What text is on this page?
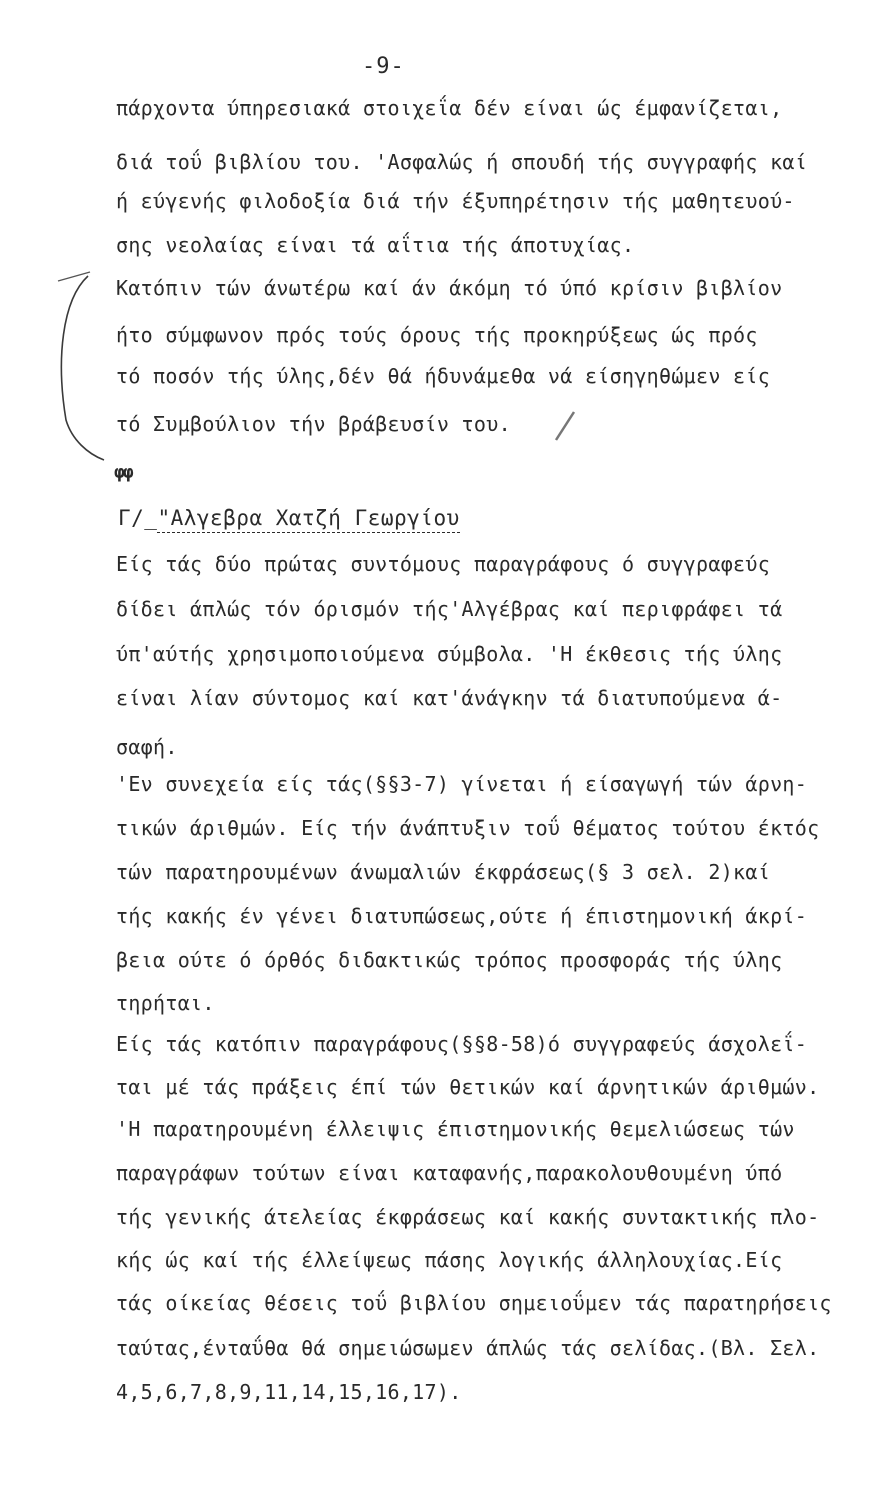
-9-
πάρχοντα ύπηρεσιακά στοιχεΐα δέν είναι ώς έμφανίζεται,
διά τοΰ βιβλίου του. 'Ασφαλώς ή σπουδή τής συγγραφής καί
ή εύγενής φιλοδοξία διά τήν έξυπηρέτησιν τής μαθητευού-
σης νεολαίας είναι τά αΐτια τής άποτυχίας.
Κατόπιν τών άνωτέρω καί άν άκόμη τό ύπό κρίσιν βιβλίον
ήτο σύμφωνον πρός τούς όρους τής προκηρύξεως ώς πρός
τό ποσόν τής ύλης,δέν θά ήδυνάμεθα νά είσηγηθώμεν είς
τό Συμβούλιον τήν βράβευσίν του.
φφ
Γ/_"Αλγεβρα Χατζή Γεωργίου
Είς τάς δύο πρώτας συντόμους παραγράφους ό συγγραφεύς
δίδει άπλώς τόν όρισμόν τής'Αλγέβρας καί περιφράφει τά
ύπ'αύτής χρησιμοποιούμενα σύμβολα. 'Η έκθεσις τής ύλης
είναι λίαν σύντομος καί κατ'άνάγκην τά διατυπούμενα ά-
σαφή.
'Εν συνεχεία είς τάς(§§3-7) γίνεται ή είσαγωγή τών άρνη-
τικών άριθμών. Είς τήν άνάπτυξιν τοΰ θέματος τούτου έκτός
τών παρατηρουμένων άνωμαλιών έκφράσεως(§ 3 σελ. 2)καί
τής κακής έν γένει διατυπώσεως,ούτε ή έπιστημονική άκρί-
βεια ούτε ό όρθός διδακτικώς τρόπος προσφοράς τής ύλης
τηρήται.
Είς τάς κατόπιν παραγράφους(§§8-58)ό συγγραφεύς άσχολεΐ-
ται μέ τάς πράξεις έπί τών θετικών καί άρνητικών άριθμών.
'Η παρατηρουμένη έλλειψις έπιστημονικής θεμελιώσεως τών
παραγράφων τούτων είναι καταφανής,παρακολουθουμένη ύπό
τής γενικής άτελείας έκφράσεως καί κακής συντακτικής πλο-
κής ώς καί τής έλλείψεως πάσης λογικής άλληλουχίας.Είς
τάς οίκείας θέσεις τοΰ βιβλίου σημειοΰμεν τάς παρατηρήσεις
ταύτας,ένταΰθα θά σημειώσωμεν άπλώς τάς σελίδας.(Βλ. Σελ.
4,5,6,7,8,9,11,14,15,16,17).
